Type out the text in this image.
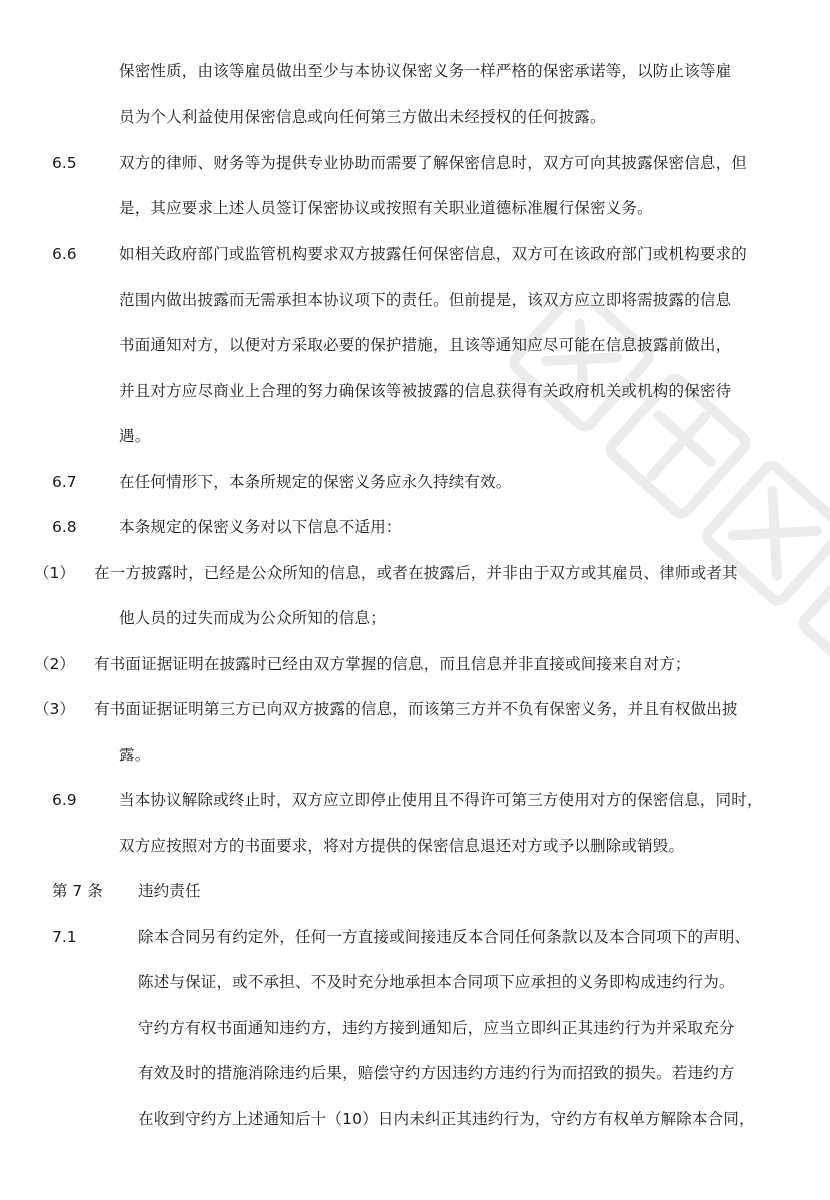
保密性质，由该等雇员做出至少与本协议保密义务一样严格的保密承诺等，以防止该等雇
员为个人利益使用保密信息或向任何第三方做出未经授权的任何披露。
6.5	双方的律师、财务等为提供专业协助而需要了解保密信息时，双方可向其披露保密信息，但
是，其应要求上述人员签订保密协议或按照有关职业道德标准履行保密义务。
6.6	如相关政府部门或监管机构要求双方披露任何保密信息，双方可在该政府部门或机构要求的
范围内做出披露而无需承担本协议项下的责任。但前提是，该双方应立即将需披露的信息
书面通知对方，以便对方采取必要的保护措施，且该等通知应尽可能在信息披露前做出，
并且对方应尽商业上合理的努力确保该等被披露的信息获得有关政府机关或机构的保密待
遇。
6.7	在任何情形下，本条所规定的保密义务应永久持续有效。
6.8	本条规定的保密义务对以下信息不适用：
（1） 在一方披露时，已经是公众所知的信息，或者在披露后，并非由于双方或其雇员、律师或者其
他人员的过失而成为公众所知的信息；
（2） 有书面证据证明在披露时已经由双方掌握的信息，而且信息并非直接或间接来自对方；
（3） 有书面证据证明第三方已向双方披露的信息，而该第三方并不负有保密义务，并且有权做出披
露。
6.9	当本协议解除或终止时，双方应立即停止使用且不得许可第三方使用对方的保密信息，同时，
双方应按照对方的书面要求，将对方提供的保密信息退还对方或予以删除或销毁。
第 7 条 违约责任
7.1	除本合同另有约定外，任何一方直接或间接违反本合同任何条款以及本合同项下的声明、
陈述与保证，或不承担、不及时充分地承担本合同项下应承担的义务即构成违约行为。
守约方有权书面通知违约方，违约方接到通知后，应当立即纠正其违约行为并采取充分
有效及时的措施消除违约后果，赔偿守约方因违约方违约行为而招致的损失。若违约方
在收到守约方上述通知后十（10）日内未纠正其违约行为，守约方有权单方解除本合同，
